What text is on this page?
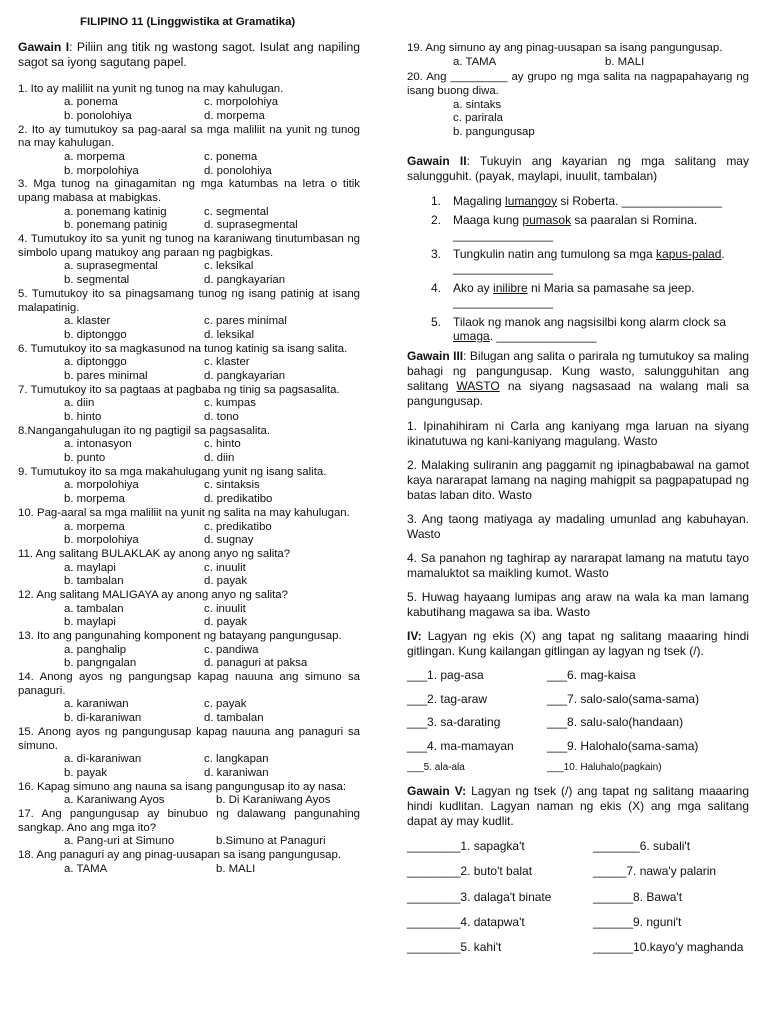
FILIPINO 11 (Linggwistika at Gramatika)

Gawain I: Piliin ang titik ng wastong sagot. Isulat ang napiling sagot sa iyong sagutang papel.

1. Ito ay maliliit na yunit ng tunog na may kahulugan.
a. ponema	c. morpolohiya
b. ponolohiya	d. morpema
2. Ito ay tumutukoy sa pag-aaral sa mga maliliit na yunit ng tunog na may kahulugan.
a. morpema	c. ponema
b. morpolohiya	d. ponolohiya
3. Mga tunog na ginagamitan ng mga katumbas na letra o titik upang mabasa at mabigkas.
a. ponemang katinig	c. segmental
b. ponemang patinig	d. suprasegmental
4. Tumutukoy ito sa yunit ng tunog na karaniwang tinutumbasan ng simbolo upang matukoy ang paraan ng pagbigkas.
a. suprasegmental	c. leksikal
b. segmental	d. pangkayarian
5. Tumutukoy ito sa pinagsamang tunog ng isang patinig at isang malapatinig.
a. klaster	c. pares minimal
b. diptonggo	d. leksikal
6. Tumutukoy ito sa magkasunod na tunog katinig sa isang salita.
a. diptonggo	c. klaster
b. pares minimal	d. pangkayarian
7. Tumutukoy ito sa pagtaas at pagbaba ng tinig sa pagsasalita.
a. diin	c. kumpas
b. hinto	d. tono
8.Nangangahulugan ito ng pagtigil sa pagsasalita.
a. intonasyon	c. hinto
b. punto	d. diin
9. Tumutukoy ito sa mga makahulugang yunit ng isang salita.
a. morpolohiya	c. sintaksis
b. morpema	d. predikatibo
10. Pag-aaral sa mga maliliit na yunit ng salita na may kahulugan.
a. morpema	c. predikatibo
b. morpolohiya	d. sugnay
11. Ang salitang BULAKLAK ay anong anyo ng salita?
a. maylapi	c. inuulit
b. tambalan	d. payak
12. Ang salitang MALIGAYA ay anong anyo ng salita?
a. tambalan	c. inuulit
b. maylapi	d. payak
13. Ito ang pangunahing komponent ng batayang pangungusap.
a. panghalip	c. pandiwa
b. pangngalan	d. panaguri at paksa
14. Anong ayos ng pangungsap kapag nauuna ang simuno sa panaguri.
a. karaniwan	c. payak
b. di-karaniwan	d. tambalan
15. Anong ayos ng pangungusap kapag nauuna ang panaguri sa simuno.
a. di-karaniwan	c. langkapan
b. payak	d. karaniwan
16. Kapag simuno ang nauna sa isang pangungusap ito ay nasa:
a. Karaniwang Ayos	b. Di Karaniwang Ayos
17. Ang pangungusap ay binubuo ng dalawang pangunahing sangkap. Ano ang mga ito?
a. Pang-uri at Simuno	b.Simuno at Panaguri
18. Ang panaguri ay ang pinag-uusapan sa isang pangungusap.
a. TAMA	b. MALI
19. Ang simuno ay ang pinag-uusapan sa isang pangungusap.
a. TAMA	b. MALI
20. Ang _________ ay grupo ng mga salita na nagpapahayang ng isang buong diwa.
a. sintaks
c. parirala
b. pangungusap

Gawain II: Tukuyin ang kayarian ng mga salitang may salungguhit. (payak, maylapi, inuulit, tambalan)

1. Magaling lumangoy si Roberta. _______________
2. Maaga kung pumasok sa paaralan si Romina. _______________
3. Tungkulin natin ang tumulong sa mga kapus-palad. _______________
4. Ako ay inilibre ni Maria sa pamasahe sa jeep. _______________
5. Tilaok ng manok ang nagsisilbi kong alarm clock sa umaga. _______________

Gawain III: Bilugan ang salita o parirala ng tumutukoy sa maling bahagi ng pangungusap. Kung wasto, salungguhitan ang salitang WASTO na siyang nagsasaad na walang mali sa pangungusap.

1. Ipinahihiram ni Carla ang kaniyang mga laruan na siyang ikinatutuwa ng kani-kaniyang magulang. Wasto

2. Malaking suliranin ang paggamit ng ipinagbabawal na gamot kaya nararapat lamang na naging mahigpit sa pagpapatupad ng batas laban dito. Wasto

3. Ang taong matiyaga ay madaling umunlad ang kabuhayan. Wasto

4. Sa panahon ng taghirap ay nararapat lamang na matutu tayo mamaluktot sa maikling kumot. Wasto

5. Huwag hayaang lumipas ang araw na wala ka man lamang kabutihang magawa sa iba. Wasto

IV: Lagyan ng ekis (X) ang tapat ng salitang maaaring hindi gitlingan. Kung kailangan gitlingan ay lagyan ng tsek (/).

___1. pag-asa	___6. mag-kaisa
___2. tag-araw	___7. salo-salo(sama-sama)
___3. sa-darating	___8. salu-salo(handaan)
___4. ma-mamayan	___9. Halohalo(sama-sama)
___5. ala-ala	___10. Haluhalo(pagkain)

Gawain V: Lagyan ng tsek (/) ang tapat ng salitang maaaring hindi kudlitan. Lagyan naman ng ekis (X) ang mga salitang dapat ay may kudlit.

________1. sapagka't	_______6. subali't
________2. buto't balat	_____7. nawa'y palarin
________3. dalaga't binate	______8. Bawa't
________4. datapwa't	______9. nguni't
________5. kahi't	______10.kayo'y maghanda
